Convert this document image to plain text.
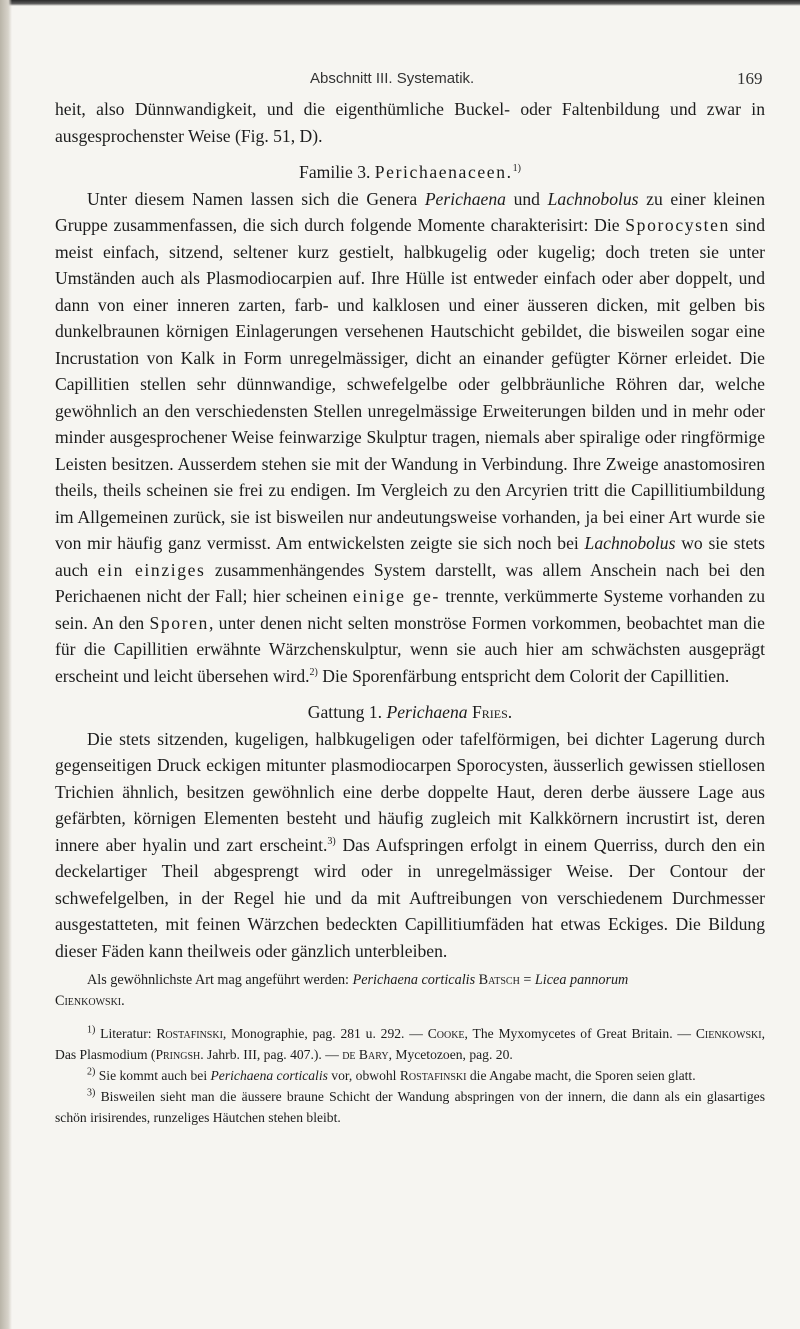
Abschnitt III. Systematik.	169

heit, also Dünnwandigkeit, und die eigenthümliche Buckel- oder Faltenbildung und zwar in ausgesprochenster Weise (Fig. 51, D).

Familie 3. Perichaenaceen.$^{1)}$

Unter diesem Namen lassen sich die Genera Perichaena und Lachnobolus zu einer kleinen Gruppe zusammenfassen, die sich durch folgende Momente charakterisirt: Die Sporocysten sind meist einfach, sitzend, seltener kurz gestielt, halbkugelig oder kugelig; doch treten sie unter Umständen auch als Plasmodiocarpien auf. Ihre Hülle ist entweder einfach oder aber doppelt, und dann von einer inneren zarten, farb- und kalklosen und einer äusseren dicken, mit gelben bis dunkelbraunen körnigen Einlagerungen versehenen Hautschicht gebildet, die bisweilen sogar eine Incrustation von Kalk in Form unregelmässiger, dicht an einander gefügter Körner erleidet. Die Capillitien stellen sehr dünnwandige, schwefelgelbe oder gelbbräunliche Röhren dar, welche gewöhnlich an den verschiedensten Stellen unregelmässige Erweiterungen bilden und in mehr oder minder ausgesprochener Weise feinwarzige Skulptur tragen, niemals aber spiralige oder ringförmige Leisten besitzen. Ausserdem stehen sie mit der Wandung in Verbindung. Ihre Zweige anastomosiren theils, theils scheinen sie frei zu endigen. Im Vergleich zu den Arcyrien tritt die Capillitiumbildung im Allgemeinen zurück, sie ist bisweilen nur andeutungsweise vorhanden, ja bei einer Art wurde sie von mir häufig ganz vermisst. Am entwickelsten zeigte sie sich noch bei Lachnobolus wo sie stets auch ein einziges zusammenhängendes System darstellt, was allem Anschein nach bei den Perichaenen nicht der Fall; hier scheinen einige ge- trennte, verkümmerte Systeme vorhanden zu sein. An den Sporen, unter denen nicht selten monströse Formen vorkommen, beobachtet man die für die Capillitien erwähnte Wärzchenskulptur, wenn sie auch hier am schwächsten ausgeprägt erscheint und leicht übersehen wird.$^{2)}$ Die Sporenfärbung entspricht dem Colorit der Capillitien.

Gattung 1. Perichaena Fries.

Die stets sitzenden, kugeligen, halbkugeligen oder tafelförmigen, bei dichter Lagerung durch gegenseitigen Druck eckigen mitunter plasmodiocarpen Sporocysten, äusserlich gewissen stiellosen Trichien ähnlich, besitzen gewöhnlich eine derbe doppelte Haut, deren derbe äussere Lage aus gefärbten, körnigen Elementen besteht und häufig zugleich mit Kalkkörnern incrustirt ist, deren innere aber hyalin und zart erscheint.$^{3)}$ Das Aufspringen erfolgt in einem Querriss, durch den ein deckelartiger Theil abgesprengt wird oder in unregelmässiger Weise. Der Contour der schwefelgelben, in der Regel hie und da mit Auftreibungen von verschiedenem Durchmesser ausgestatteten, mit feinen Wärzchen bedeckten Capillitiumfäden hat etwas Eckiges. Die Bildung dieser Fäden kann theilweis oder gänzlich unterbleiben.

Als gewöhnlichste Art mag angeführt werden: Perichaena corticalis Batsch = Licea pannorum
Cienkowski.

$^{1)}$ Literatur: Rostafinski, Monographie, pag. 281 u. 292. — Cooke, The Myxomycetes of Great Britain. — Cienkowski, Das Plasmodium (Pringsh. Jahrb. III, pag. 407.). — de Bary, Mycetozoen, pag. 20.

$^{2)}$ Sie kommt auch bei Perichaena corticalis vor, obwohl Rostafinski die Angabe macht, die Sporen seien glatt.

$^{3)}$ Bisweilen sieht man die äussere braune Schicht der Wandung abspringen von der innern, die dann als ein glasartiges schön irisirendes, runzeliges Häutchen stehen bleibt.
